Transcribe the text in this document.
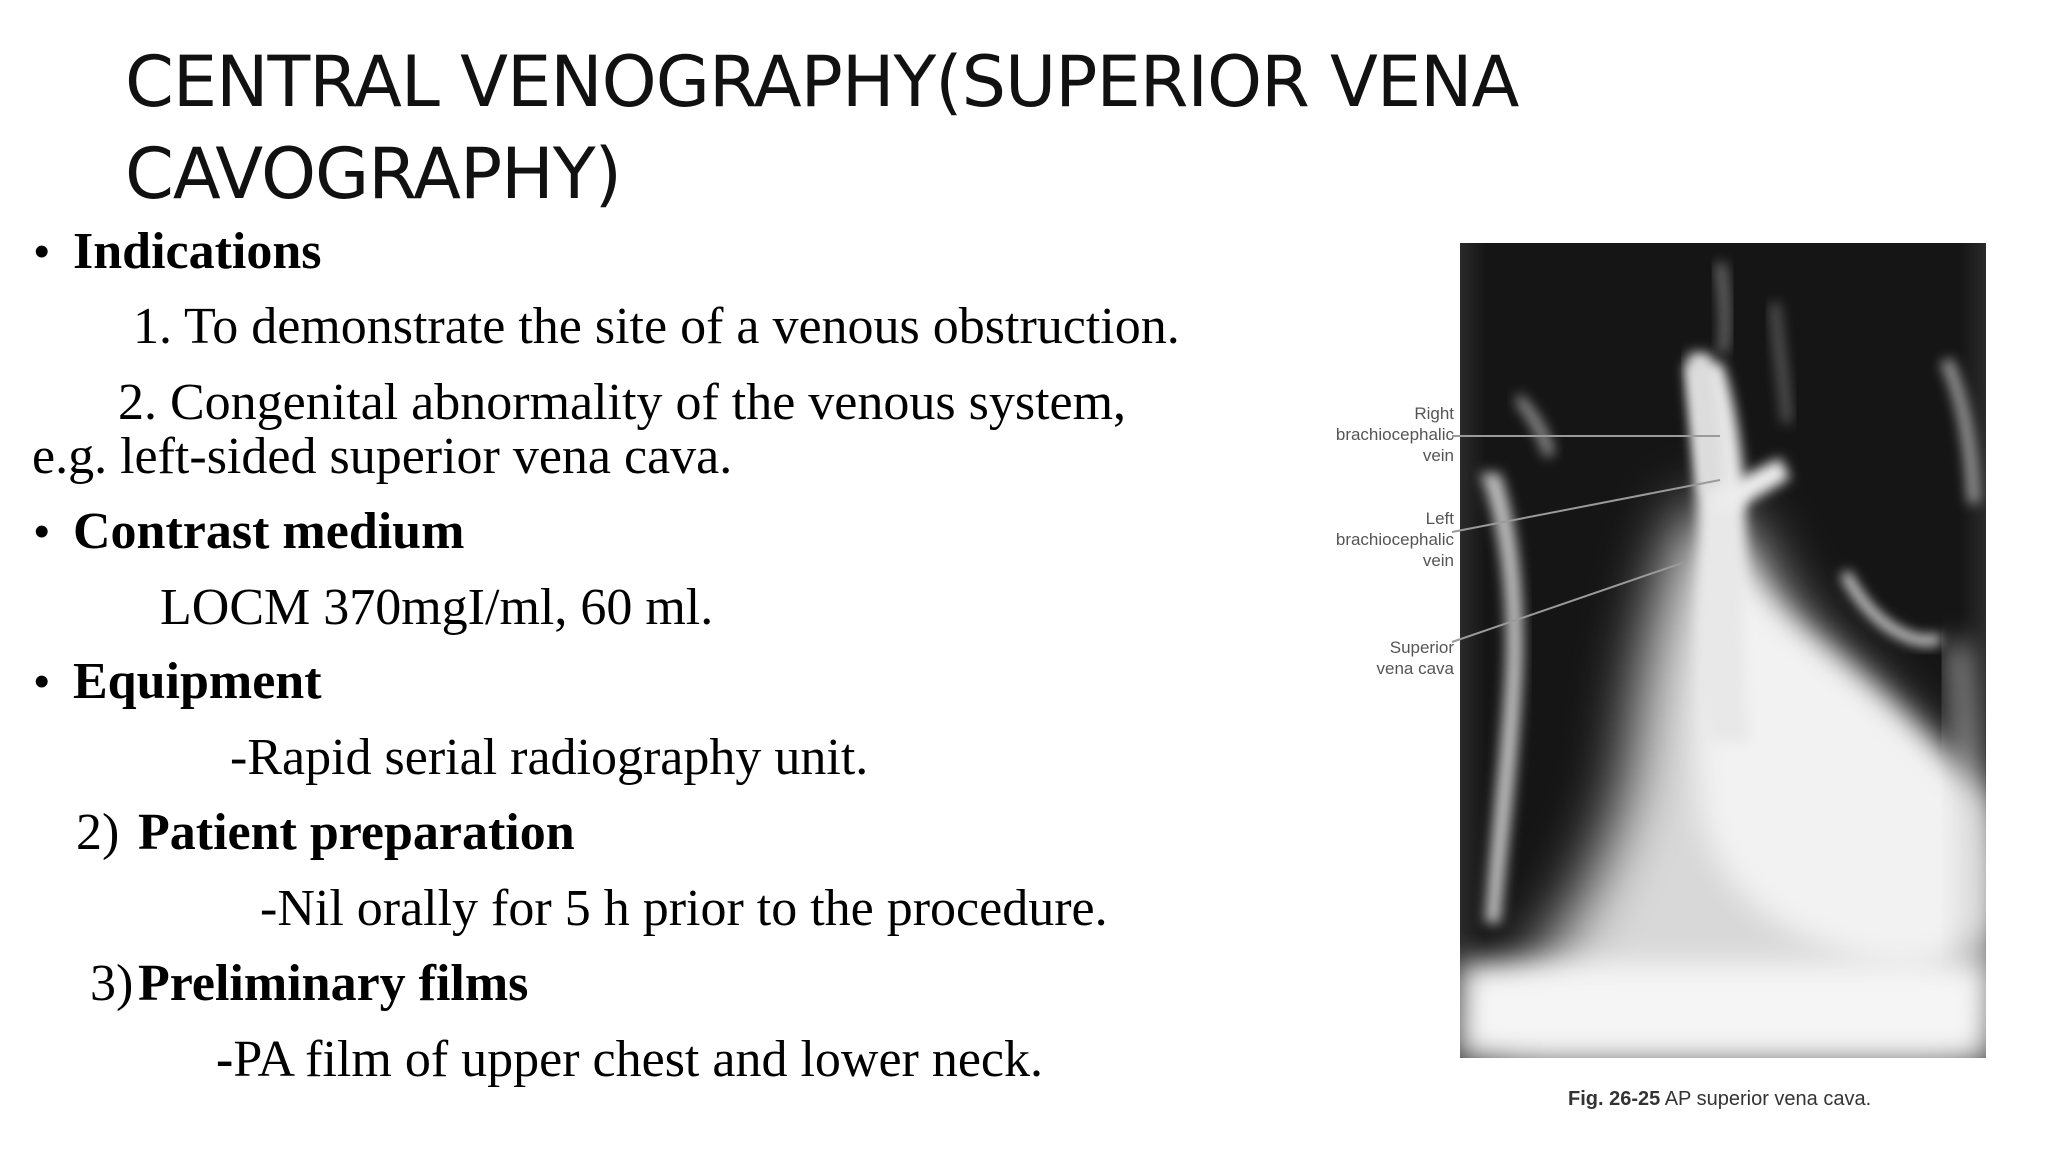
CENTRAL VENOGRAPHY(SUPERIOR VENA CAVOGRAPHY)
• Indications
1. To demonstrate the site of a venous obstruction.
2. Congenital abnormality of the venous system,
e.g. left-sided superior vena cava.
• Contrast medium
LOCM 370mgI/ml, 60 ml.
• Equipment
-Rapid serial radiography unit.
2) Patient preparation
-Nil orally for 5 h prior to the procedure.
3) Preliminary films
-PA film of upper chest and lower neck.
Right
brachiocephalic
vein
Left
brachiocephalic
vein
Superior
vena cava
Fig. 26-25 AP superior vena cava.
